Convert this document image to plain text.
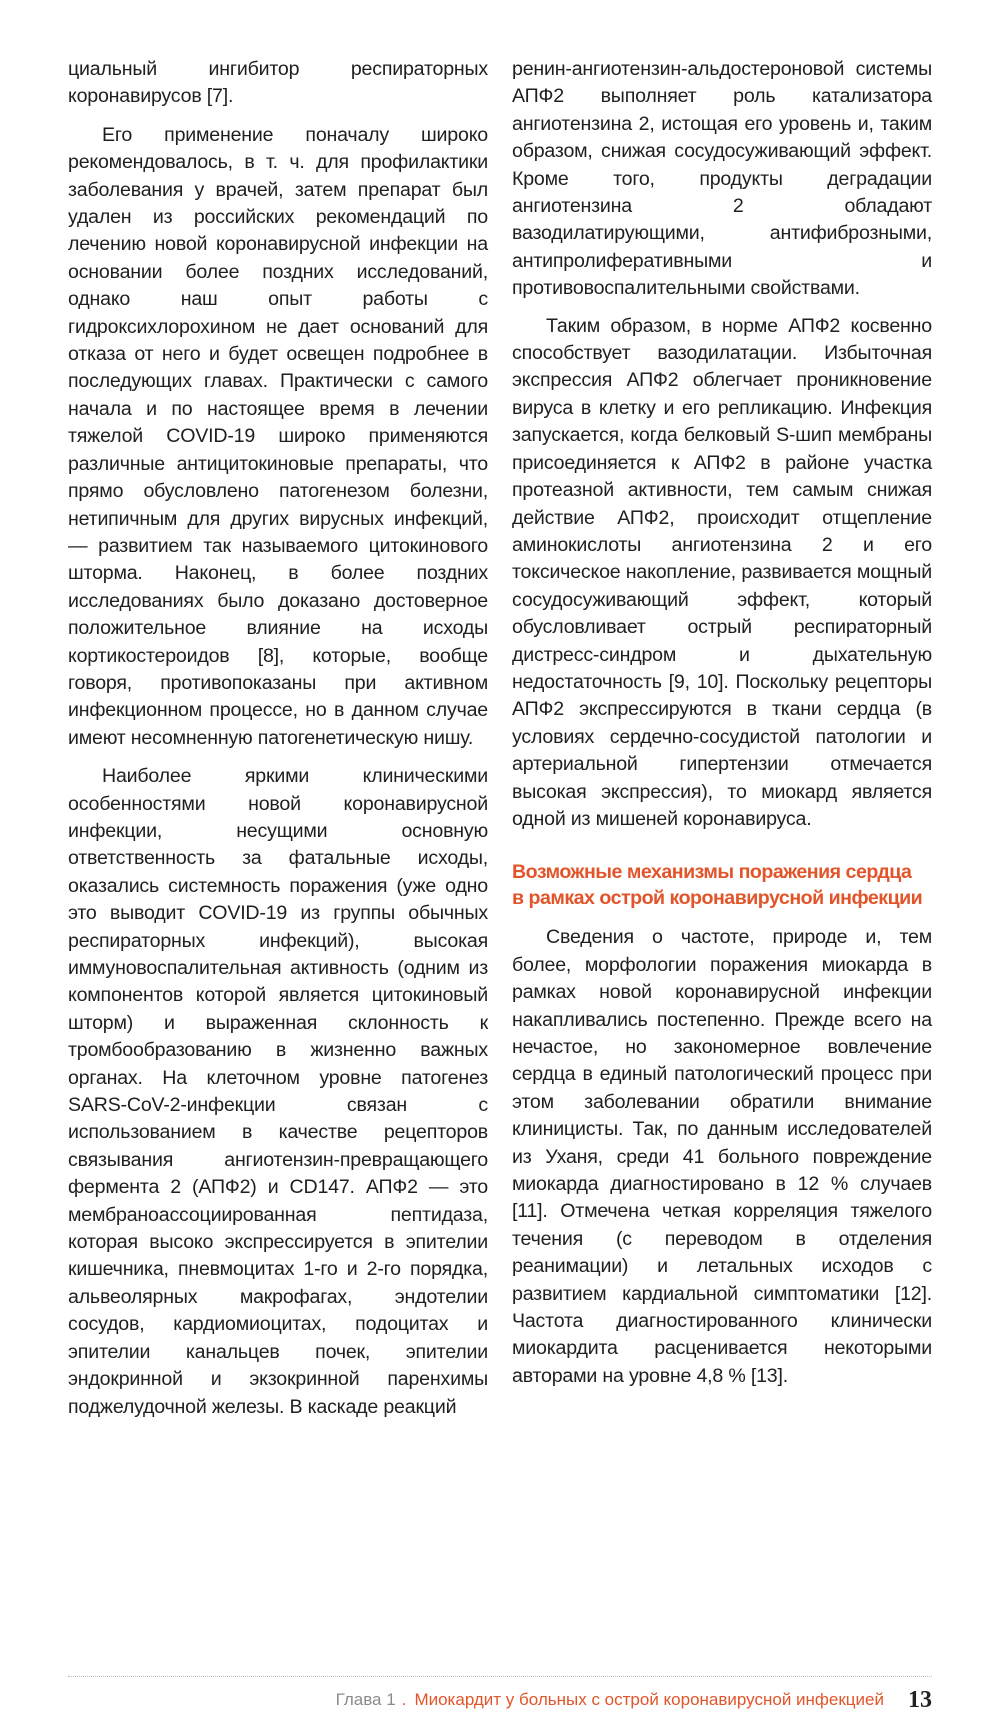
циальный ингибитор респираторных коронавирусов [7].

Его применение поначалу широко рекомендовалось, в т. ч. для профилактики заболевания у врачей, затем препарат был удален из российских рекомендаций по лечению новой коронавирусной инфекции на основании более поздних исследований, однако наш опыт работы с гидроксихлорохином не дает оснований для отказа от него и будет освещен подробнее в последующих главах. Практически с самого начала и по настоящее время в лечении тяжелой COVID-19 широко применяются различные антицитокиновые препараты, что прямо обусловлено патогенезом болезни, нетипичным для других вирусных инфекций, — развитием так называемого цитокинового шторма. Наконец, в более поздних исследованиях было доказано достоверное положительное влияние на исходы кортикостероидов [8], которые, вообще говоря, противопоказаны при активном инфекционном процессе, но в данном случае имеют несомненную патогенетическую нишу.

Наиболее яркими клиническими особенностями новой коронавирусной инфекции, несущими основную ответственность за фатальные исходы, оказались системность поражения (уже одно это выводит COVID-19 из группы обычных респираторных инфекций), высокая иммуновоспалительная активность (одним из компонентов которой является цитокиновый шторм) и выраженная склонность к тромбообразованию в жизненно важных органах. На клеточном уровне патогенез SARS-CoV-2-инфекции связан с использованием в качестве рецепторов связывания ангиотензин-превращающего фермента 2 (АПФ2) и CD147. АПФ2 — это мембраноассоциированная пептидаза, которая высоко экспрессируется в эпителии кишечника, пневмоцитах 1-го и 2-го порядка, альвеолярных макрофагах, эндотелии сосудов, кардиомиоцитах, подоцитах и эпителии канальцев почек, эпителии эндокринной и экзокринной паренхимы поджелудочной железы. В каскаде реакций

ренин-ангиотензин-альдостероновой системы АПФ2 выполняет роль катализатора ангиотензина 2, истощая его уровень и, таким образом, снижая сосудосуживающий эффект. Кроме того, продукты деградации ангиотензина 2 обладают вазодилатирующими, антифиброзными, антипролиферативными и противовоспалительными свойствами.

Таким образом, в норме АПФ2 косвенно способствует вазодилатации. Избыточная экспрессия АПФ2 облегчает проникновение вируса в клетку и его репликацию. Инфекция запускается, когда белковый S-шип мембраны присоединяется к АПФ2 в районе участка протеазной активности, тем самым снижая действие АПФ2, происходит отщепление аминокислоты ангиотензина 2 и его токсическое накопление, развивается мощный сосудосуживающий эффект, который обусловливает острый респираторный дистресс-синдром и дыхательную недостаточность [9, 10]. Поскольку рецепторы АПФ2 экспрессируются в ткани сердца (в условиях сердечно-сосудистой патологии и артериальной гипертензии отмечается высокая экспрессия), то миокард является одной из мишеней коронавируса.

Возможные механизмы поражения сердца
в рамках острой коронавирусной инфекции

Сведения о частоте, природе и, тем более, морфологии поражения миокарда в рамках новой коронавирусной инфекции накапливались постепенно. Прежде всего на нечастое, но закономерное вовлечение сердца в единый патологический процесс при этом заболевании обратили внимание клиницисты. Так, по данным исследователей из Уханя, среди 41 больного повреждение миокарда диагностировано в 12 % случаев [11]. Отмечена четкая корреляция тяжелого течения (с переводом в отделения реанимации) и летальных исходов с развитием кардиальной симптоматики [12]. Частота диагностированного клинически миокардита расценивается некоторыми авторами на уровне 4,8 % [13].

Глава 1 . Миокардит у больных с острой коронавирусной инфекцией 13
